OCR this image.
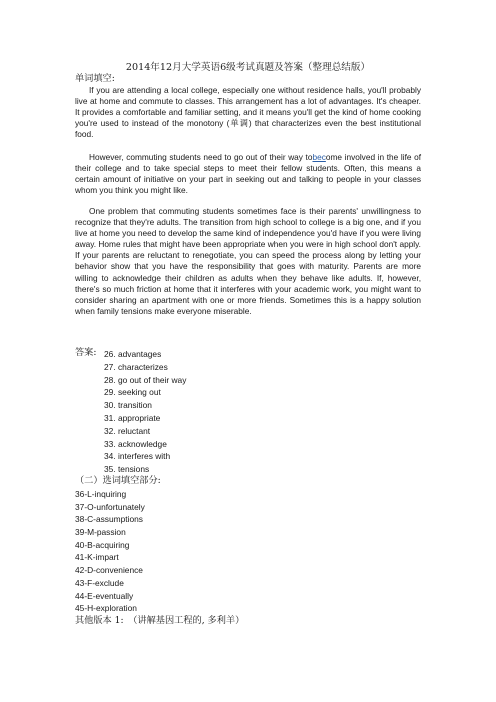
2014年12月大学英语6级考试真题及答案（整理总结版）
单词填空:

If you are attending a local college, especially one without residence halls, you'll probably live at home and commute to classes. This arrangement has a lot of advantages. It's cheaper. It provides a comfortable and familiar setting, and it means you'll get the kind of home cooking you're used to instead of the monotony (单调) that characterizes even the best institutional food.

However, commuting students need to go out of their way tobecome involved in the life of their college and to take special steps to meet their fellow students. Often, this means a certain amount of initiative on your part in seeking out and talking to people in your classes whom you think you might like.

One problem that commuting students sometimes face is their parents' unwillingness to recognize that they're adults. The transition from high school to college is a big one, and if you live at home you need to develop the same kind of independence you'd have if you were living away. Home rules that might have been appropriate when you were in high school don't apply. If your parents are reluctant to renegotiate, you can speed the process along by letting your behavior show that you have the responsibility that goes with maturity. Parents are more willing to acknowledge their children as adults when they behave like adults. If, however, there's so much friction at home that it interferes with your academic work, you might want to consider sharing an apartment with one or more friends. Sometimes this is a happy solution when family tensions make everyone miserable.

答案: 26. advantages
27. characterizes
28. go out of their way
29. seeking out
30. transition
31. appropriate
32. reluctant
33. acknowledge
34. interferes with
35. tensions
（二）选词填空部分:
36-L-inquiring
37-O-unfortunately
38-C-assumptions
39-M-passion
40-B-acquiring
41-K-impart
42-D-convenience
43-F-exclude
44-E-eventually
45-H-exploration
其他版本 1:　（讲解基因工程的, 多利羊）
